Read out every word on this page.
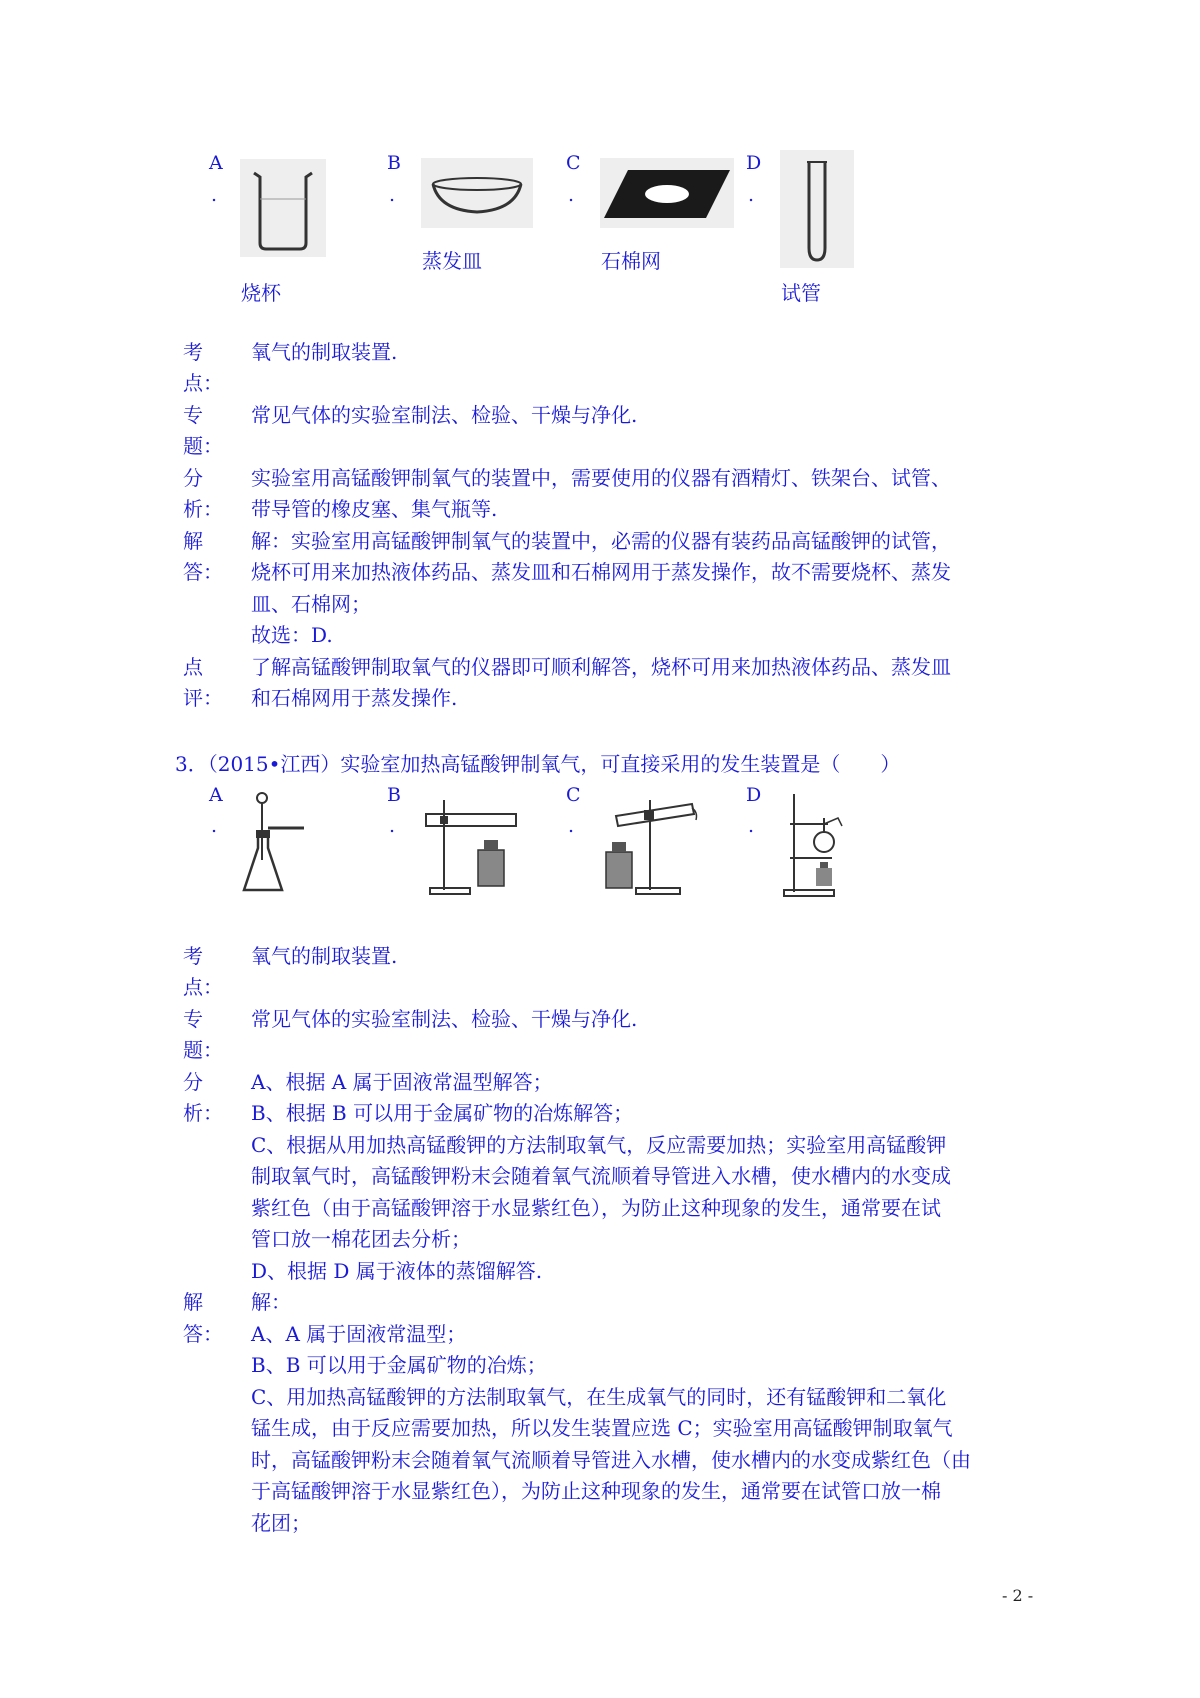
A
.
烧杯
B
.
蒸发皿
C
.
石棉网
D
.
试管
考 氧气的制取装置.
点：
专 常见气体的实验室制法、检验、干燥与净化.
题：
分 实验室用高锰酸钾制氧气的装置中，需要使用的仪器有酒精灯、铁架台、试管、
析： 带导管的橡皮塞、集气瓶等.
解 解：实验室用高锰酸钾制氧气的装置中，必需的仪器有装药品高锰酸钾的试管，
答： 烧杯可用来加热液体药品、蒸发皿和石棉网用于蒸发操作，故不需要烧杯、蒸发
皿、石棉网；
故选：D.
点 了解高锰酸钾制取氧气的仪器即可顺利解答，烧杯可用来加热液体药品、蒸发皿
评： 和石棉网用于蒸发操作.
3．（2015•江西）实验室加热高锰酸钾制氧气，可直接采用的发生装置是（　　）
A
.
B
.
C
.
D
.
考 氧气的制取装置.
点：
专 常见气体的实验室制法、检验、干燥与净化.
题：
分 A、根据 A 属于固液常温型解答；
析： B、根据 B 可以用于金属矿物的冶炼解答；
C、根据从用加热高锰酸钾的方法制取氧气，反应需要加热；实验室用高锰酸钾
制取氧气时，高锰酸钾粉末会随着氧气流顺着导管进入水槽，使水槽内的水变成
紫红色（由于高锰酸钾溶于水显紫红色），为防止这种现象的发生，通常要在试
管口放一棉花团去分析；
D、根据 D 属于液体的蒸馏解答.
解 解：
答： A、A 属于固液常温型；
B、B 可以用于金属矿物的冶炼；
C、用加热高锰酸钾的方法制取氧气，在生成氧气的同时，还有锰酸钾和二氧化
锰生成，由于反应需要加热，所以发生装置应选 C；实验室用高锰酸钾制取氧气
时，高锰酸钾粉末会随着氧气流顺着导管进入水槽，使水槽内的水变成紫红色（由
于高锰酸钾溶于水显紫红色），为防止这种现象的发生，通常要在试管口放一棉
花团；
- 2 -
